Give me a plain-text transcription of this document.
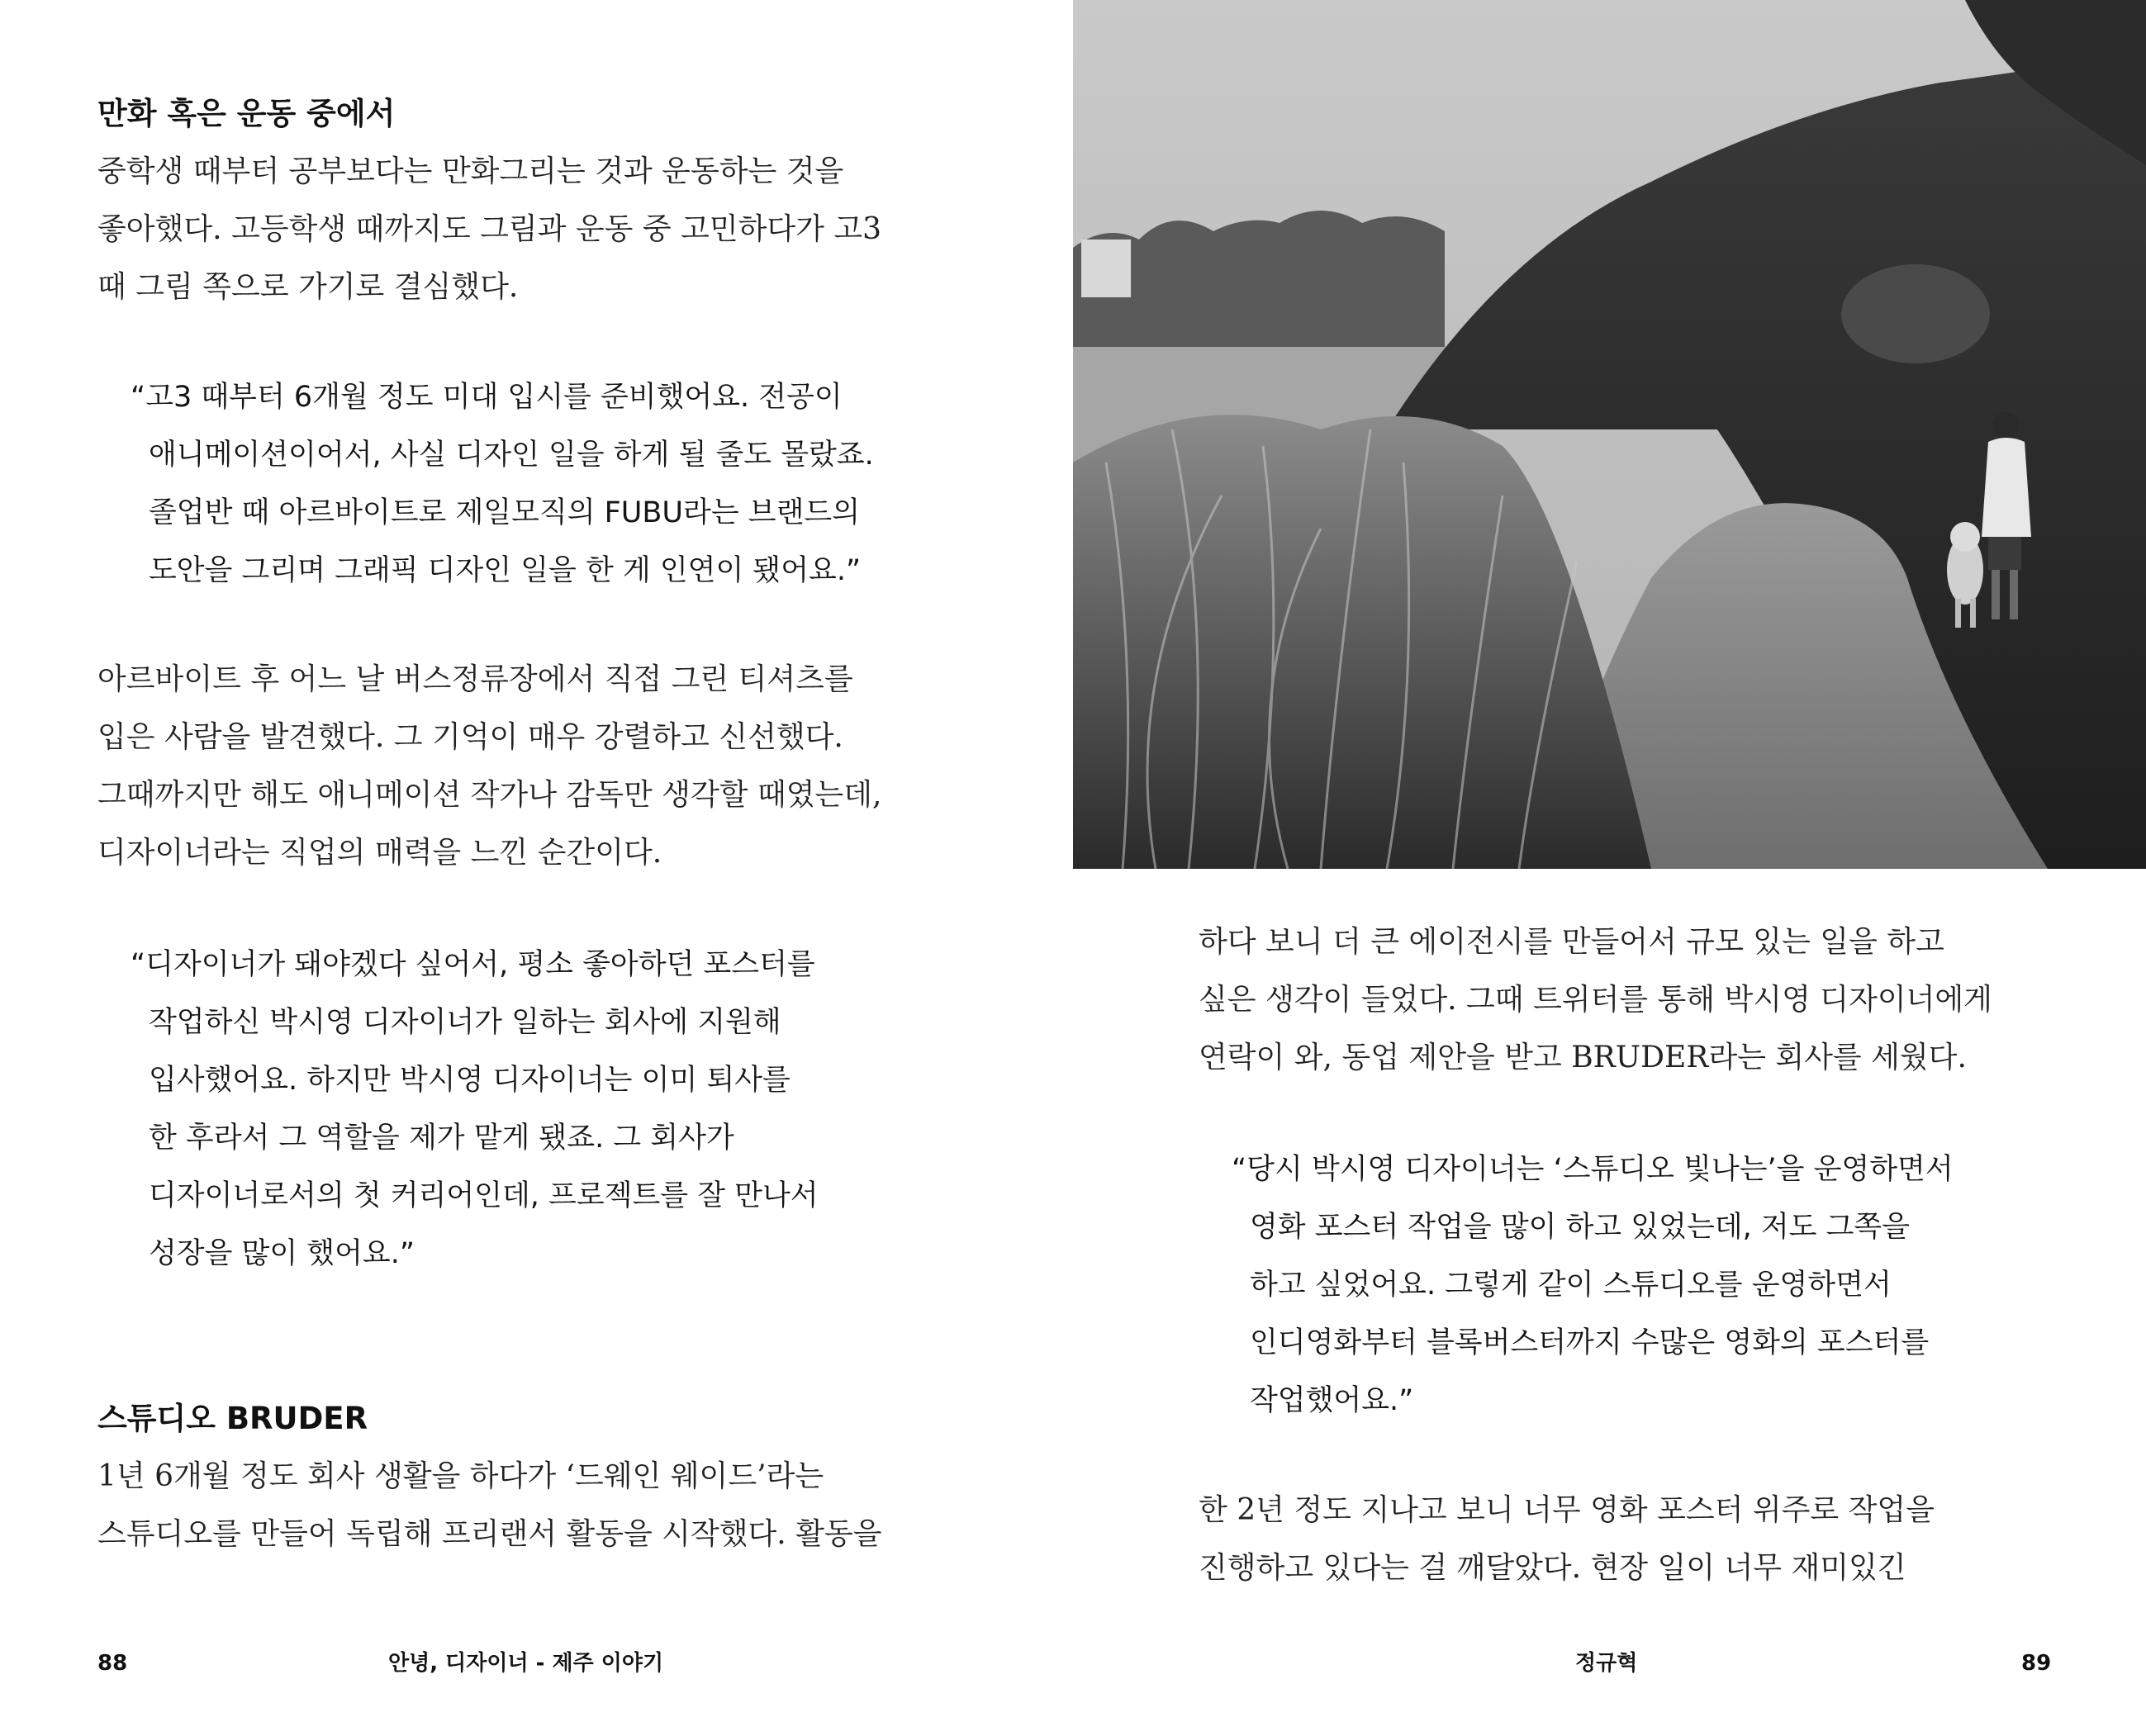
만화 혹은 운동 중에서
중학생 때부터 공부보다는 만화그리는 것과 운동하는 것을
좋아했다. 고등학생 때까지도 그림과 운동 중 고민하다가 고3
때 그림 쪽으로 가기로 결심했다.
“고3 때부터 6개월 정도 미대 입시를 준비했어요. 전공이
애니메이션이어서, 사실 디자인 일을 하게 될 줄도 몰랐죠.
졸업반 때 아르바이트로 제일모직의 FUBU라는 브랜드의
도안을 그리며 그래픽 디자인 일을 한 게 인연이 됐어요.”
아르바이트 후 어느 날 버스정류장에서 직접 그린 티셔츠를
입은 사람을 발견했다. 그 기억이 매우 강렬하고 신선했다.
그때까지만 해도 애니메이션 작가나 감독만 생각할 때였는데,
디자이너라는 직업의 매력을 느낀 순간이다.
“디자이너가 돼야겠다 싶어서, 평소 좋아하던 포스터를
작업하신 박시영 디자이너가 일하는 회사에 지원해
입사했어요. 하지만 박시영 디자이너는 이미 퇴사를
한 후라서 그 역할을 제가 맡게 됐죠. 그 회사가
디자이너로서의 첫 커리어인데, 프로젝트를 잘 만나서
성장을 많이 했어요.”
스튜디오 BRUDER
1년 6개월 정도 회사 생활을 하다가 ‘드웨인 웨이드’라는
스튜디오를 만들어 독립해 프리랜서 활동을 시작했다. 활동을
88	안녕, 디자이너 - 제주 이야기
하다 보니 더 큰 에이전시를 만들어서 규모 있는 일을 하고
싶은 생각이 들었다. 그때 트위터를 통해 박시영 디자이너에게
연락이 와, 동업 제안을 받고 BRUDER라는 회사를 세웠다.
“당시 박시영 디자이너는 ‘스튜디오 빛나는’을 운영하면서
영화 포스터 작업을 많이 하고 있었는데, 저도 그쪽을
하고 싶었어요. 그렇게 같이 스튜디오를 운영하면서
인디영화부터 블록버스터까지 수많은 영화의 포스터를
작업했어요.”
한 2년 정도 지나고 보니 너무 영화 포스터 위주로 작업을
진행하고 있다는 걸 깨달았다. 현장 일이 너무 재미있긴
정규혁	89
